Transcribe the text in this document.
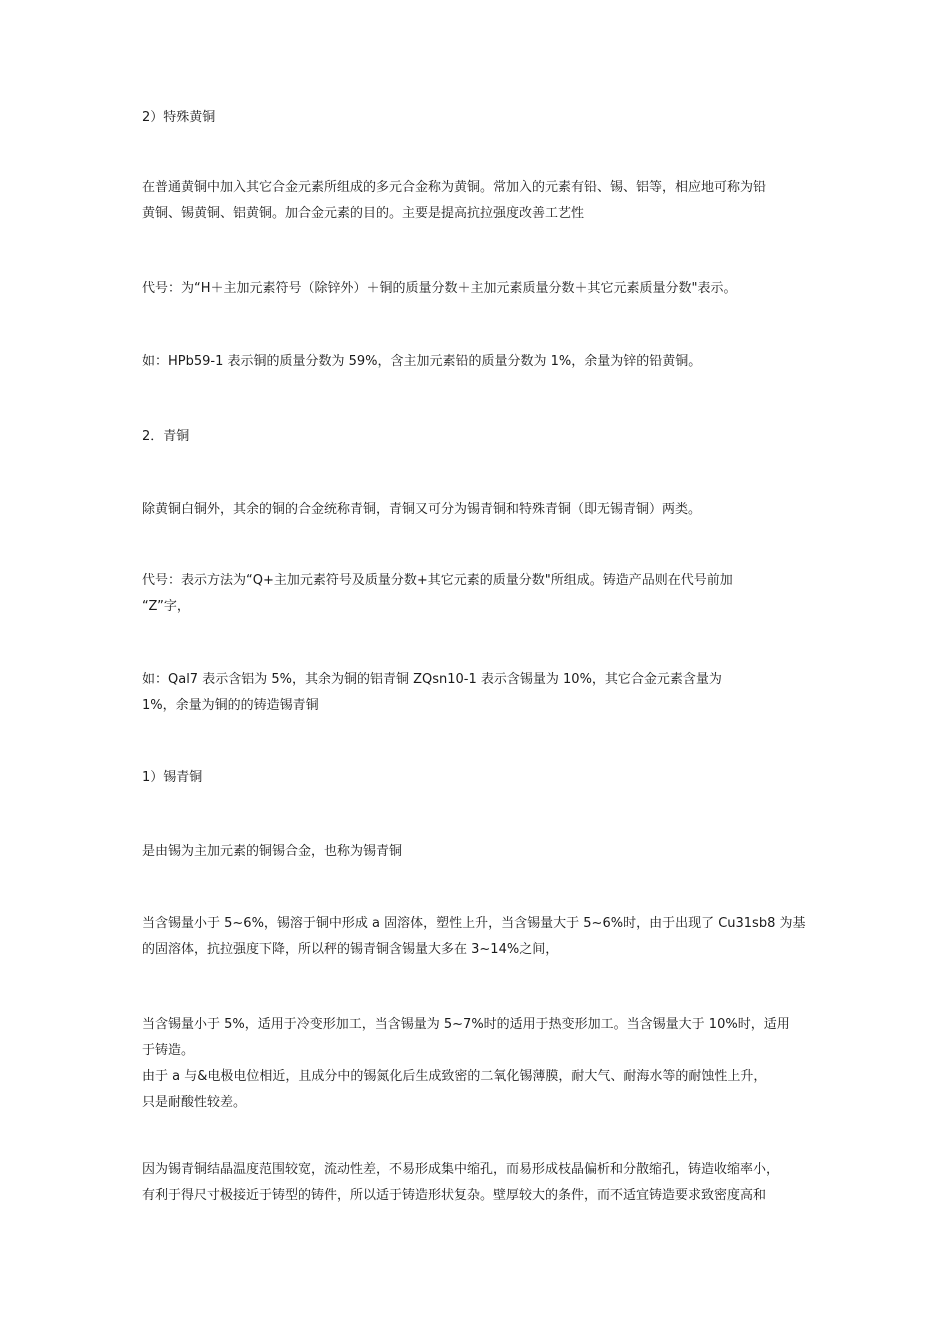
2）特殊黄铜

在普通黄铜中加入其它合金元素所组成的多元合金称为黄铜。常加入的元素有铅、锡、铝等，相应地可称为铅
黄铜、锡黄铜、铝黄铜。加合金元素的目的。主要是提高抗拉强度改善工艺性

代号：为“H＋主加元素符号（除锌外）＋铜的质量分数＋主加元素质量分数＋其它元素质量分数"表示。

如：HPb59-1 表示铜的质量分数为 59%，含主加元素铅的质量分数为 1%，余量为锌的铅黄铜。

2．青铜

除黄铜白铜外，其余的铜的合金统称青铜，青铜又可分为锡青铜和特殊青铜（即无锡青铜）两类。

代号：表示方法为“Q+主加元素符号及质量分数+其它元素的质量分数"所组成。铸造产品则在代号前加
“Z”字，

如：Qal7 表示含铝为 5%，其余为铜的铝青铜 ZQsn10-1 表示含锡量为 10%，其它合金元素含量为
1%，余量为铜的的铸造锡青铜

1）锡青铜

是由锡为主加元素的铜锡合金，也称为锡青铜

当含锡量小于 5~6%，锡溶于铜中形成 a 固溶体，塑性上升，当含锡量大于 5~6%时，由于出现了 Cu31sb8 为基
的固溶体，抗拉强度下降，所以秤的锡青铜含锡量大多在 3~14%之间，

当含锡量小于 5%，适用于冷变形加工，当含锡量为 5~7%时的适用于热变形加工。当含锡量大于 10%时，适用
于铸造。
由于 a 与&电极电位相近，且成分中的锡氮化后生成致密的二氧化锡薄膜，耐大气、耐海水等的耐蚀性上升，
只是耐酸性较差。

因为锡青铜结晶温度范围较宽，流动性差，不易形成集中缩孔，而易形成枝晶偏析和分散缩孔，铸造收缩率小，
有利于得尺寸极接近于铸型的铸件，所以适于铸造形状复杂。壁厚较大的条件，而不适宜铸造要求致密度高和
